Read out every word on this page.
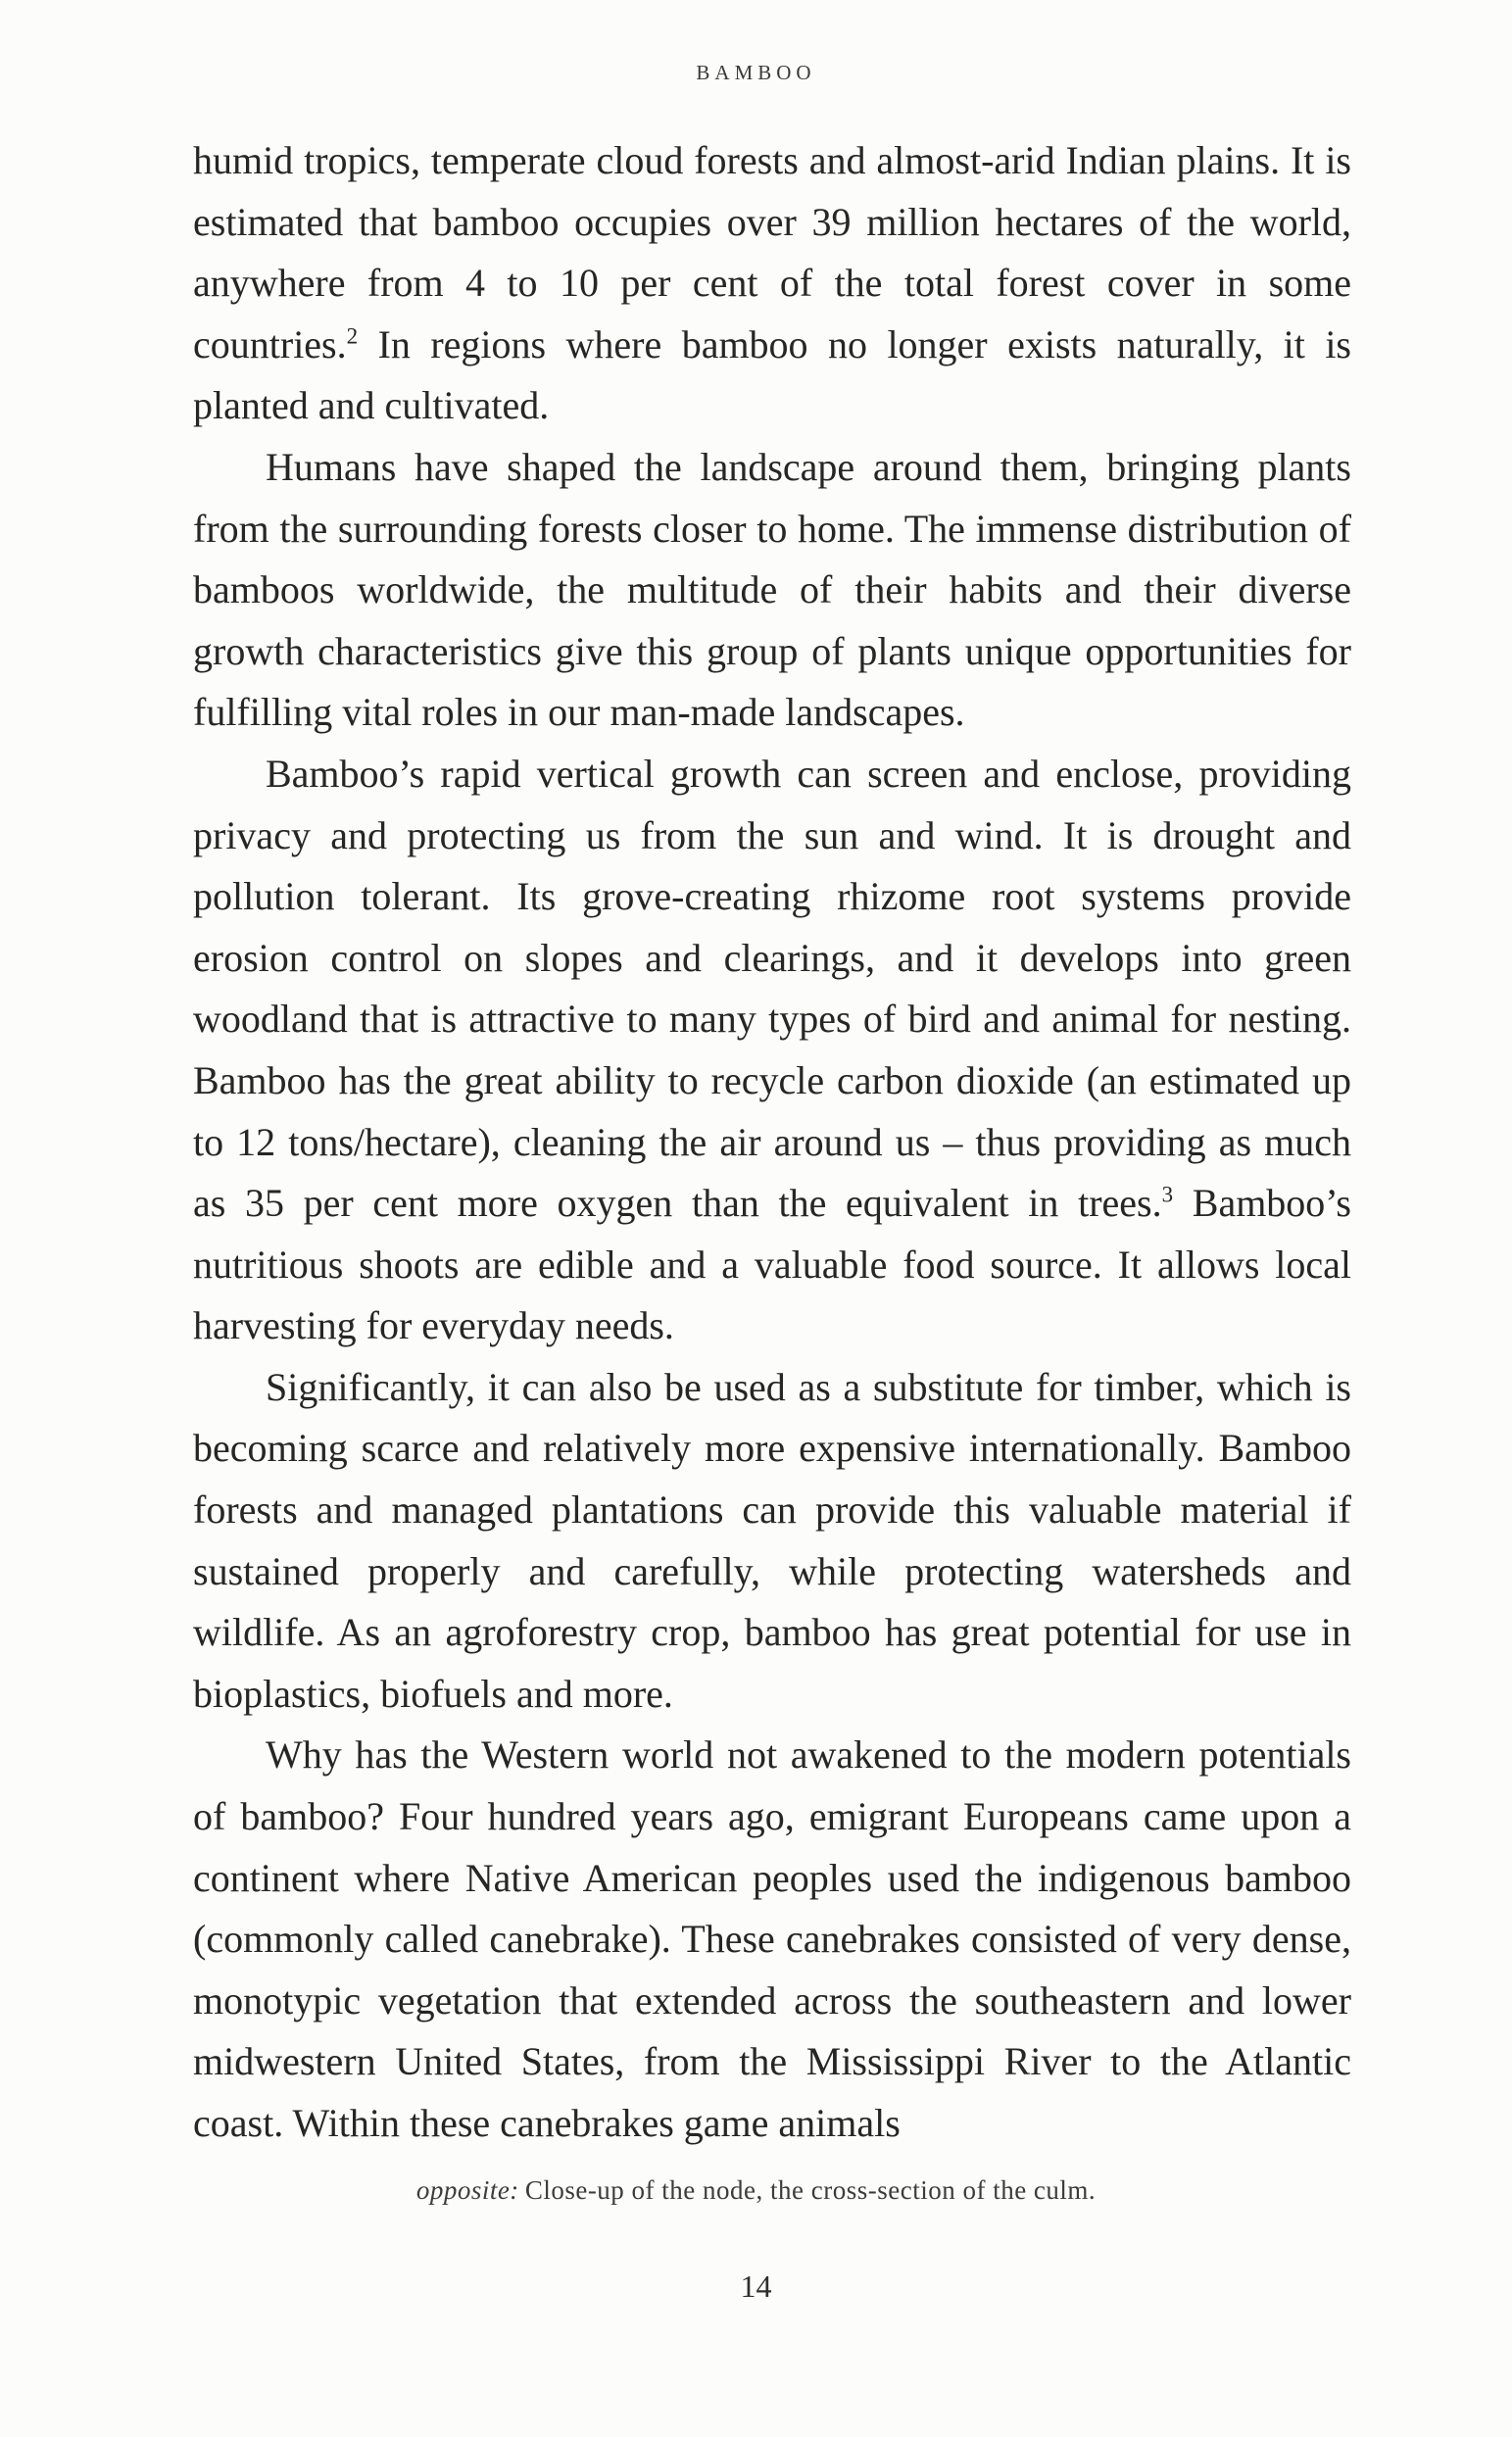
BAMBOO

humid tropics, temperate cloud forests and almost-arid Indian plains. It is estimated that bamboo occupies over 39 million hectares of the world, anywhere from 4 to 10 per cent of the total forest cover in some countries.$^2$ In regions where bamboo no longer exists naturally, it is planted and cultivated.

Humans have shaped the landscape around them, bringing plants from the surrounding forests closer to home. The immense distribution of bamboos worldwide, the multitude of their habits and their diverse growth characteristics give this group of plants unique opportunities for fulfilling vital roles in our man-made landscapes.

Bamboo’s rapid vertical growth can screen and enclose, providing privacy and protecting us from the sun and wind. It is drought and pollution tolerant. Its grove-creating rhizome root systems provide erosion control on slopes and clearings, and it develops into green woodland that is attractive to many types of bird and animal for nesting. Bamboo has the great ability to recycle carbon dioxide (an estimated up to 12 tons/hectare), cleaning the air around us – thus providing as much as 35 per cent more oxygen than the equivalent in trees.$^3$ Bamboo’s nutritious shoots are edible and a valuable food source. It allows local harvesting for everyday needs.

Significantly, it can also be used as a substitute for timber, which is becoming scarce and relatively more expensive internationally. Bamboo forests and managed plantations can provide this valuable material if sustained properly and carefully, while protecting watersheds and wildlife. As an agroforestry crop, bamboo has great potential for use in bioplastics, biofuels and more.

Why has the Western world not awakened to the modern potentials of bamboo? Four hundred years ago, emigrant Europeans came upon a continent where Native American peoples used the indigenous bamboo (commonly called canebrake). These canebrakes consisted of very dense, monotypic vegetation that extended across the southeastern and lower midwestern United States, from the Mississippi River to the Atlantic coast. Within these canebrakes game animals

opposite: Close-up of the node, the cross-section of the culm.
14
